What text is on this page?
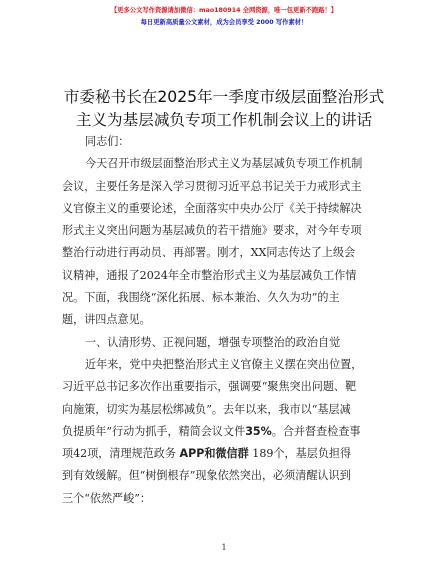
【更多公文写作资源请加微信：mao180914 全网资源，唯一包更新不跑路！】
每日更新高质量公文素材，成为会员享受 2000 写作素材！
市委秘书长在2025年一季度市级层面整治形式
主义为基层减负专项工作机制会议上的讲话

同志们：

今天召开市级层面整治形式主义为基层减负专项工作机制

会议，主要任务是深入学习贯彻习近平总书记关于力戒形式主

义官僚主义的重要论述，全面落实中央办公厅《关于持续解决

形式主义突出问题为基层减负的若干措施》要求，对今年专项

整治行动进行再动员、再部署。刚才，XX同志传达了上级会

议精神，通报了2024年全市整治形式主义为基层减负工作情

况。下面，我围绕“深化拓展、标本兼治、久久为功”的主

题，讲四点意见。

一、认清形势、正视问题，增强专项整治的政治自觉

近年来，党中央把整治形式主义官僚主义摆在突出位置，

习近平总书记多次作出重要指示，强调要“聚焦突出问题、靶

向施策，切实为基层松绑减负”。去年以来，我市以“基层减

负提质年”行动为抓手，精简会议文件35%。合并督查检查事

项42项，清理规范政务 APP和微信群 189个，基层负担得

到有效缓解。但“树倒根存”现象依然突出，必须清醒认识到

三个“依然严峻”：

1
